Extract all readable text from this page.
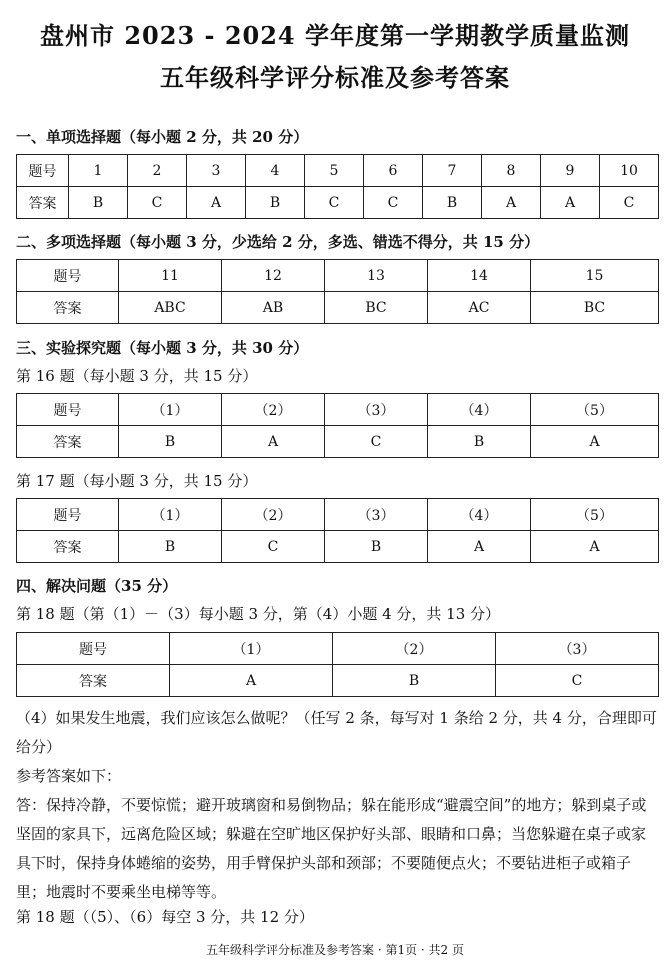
盘州市 2023 - 2024 学年度第一学期教学质量监测
五年级科学评分标准及参考答案
一、单项选择题（每小题 2 分，共 20 分）
题号	1	2	3	4	5	6	7	8	9	10
答案	B	C	A	B	C	C	B	A	A	C
二、多项选择题（每小题 3 分，少选给 2 分，多选、错选不得分，共 15 分）
题号	11	12	13	14	15
答案	ABC	AB	BC	AC	BC
三、实验探究题（每小题 3 分，共 30 分）
第 16 题（每小题 3 分，共 15 分）
题号	（1）	（2）	（3）	（4）	（5）
答案	B	A	C	B	A
第 17 题（每小题 3 分，共 15 分）
题号	（1）	（2）	（3）	（4）	（5）
答案	B	C	B	A	A
四、解决问题（35 分）
第 18 题（第（1）－（3）每小题 3 分，第（4）小题 4 分，共 13 分）
题号	（1）	（2）	（3）
答案	A	B	C
（4）如果发生地震，我们应该怎么做呢？（任写 2 条，每写对 1 条给 2 分，共 4 分，合理即可给分）
参考答案如下：
答：保持冷静，不要惊慌；避开玻璃窗和易倒物品；躲在能形成“避震空间”的地方；躲到桌子或坚固的家具下，远离危险区域；躲避在空旷地区保护好头部、眼睛和口鼻；当您躲避在桌子或家具下时，保持身体蜷缩的姿势，用手臂保护头部和颈部；不要随便点火；不要钻进柜子或箱子里；地震时不要乘坐电梯等等。
第 18 题（（5）、（6）每空 3 分，共 12 分）
五年级科学评分标准及参考答案 · 第1页 · 共2 页
